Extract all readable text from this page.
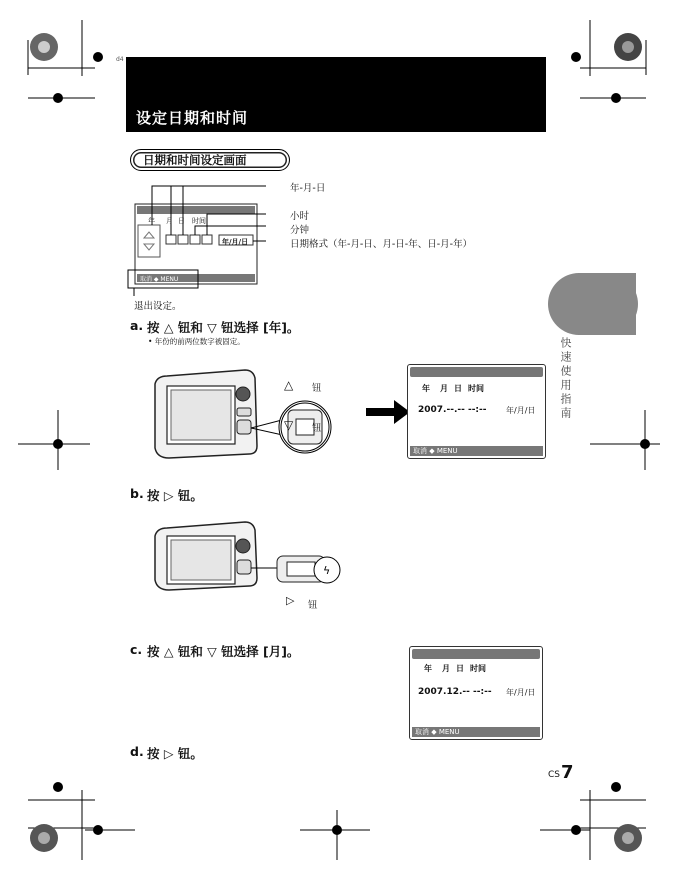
d4
设定日期和时间
日期和时间设定画面
年 月 日 时间
年/月/日
取消 ◆ MENU
年-月-日
小时
分钟
日期格式（年-月-日、月-日-年、日-月-年）
退出设定。
a. 按 △ 钮和 ▽ 钮选择 [年]。
• 年份的前两位数字被固定。
△ 钮
▽ 钮
年 月 日 时间
2007.--.-- --:-- 年/月/日
取消 ◆ MENU
快速使用指南
b. 按 ▷ 钮。
ϟ
▷ 钮
c. 按 △ 钮和 ▽ 钮选择 [月]。
年 月 日 时间
2007.12.-- --:-- 年/月/日
取消 ◆ MENU
d. 按 ▷ 钮。
CS 7
